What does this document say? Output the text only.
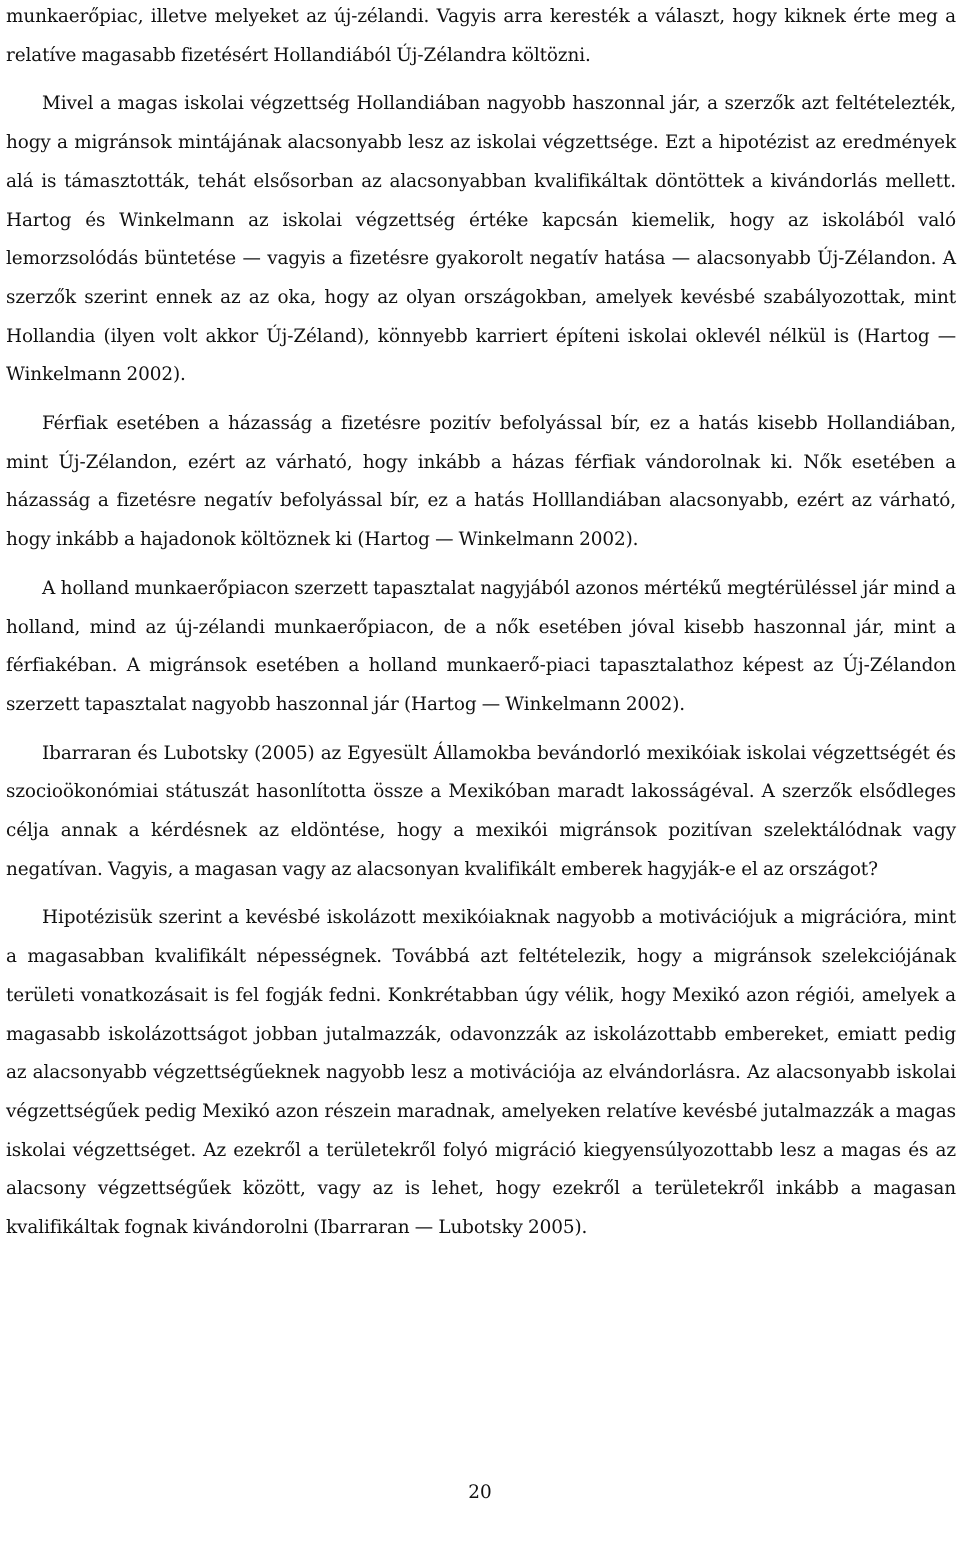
munkaerőpiac, illetve melyeket az új-zélandi. Vagyis arra keresték a választ, hogy kiknek érte meg a relatíve magasabb fizetésért Hollandiából Új-Zélandra költözni.

Mivel a magas iskolai végzettség Hollandiában nagyobb haszonnal jár, a szerzők azt feltételezték, hogy a migránsok mintájának alacsonyabb lesz az iskolai végzettsége. Ezt a hipotézist az eredmények alá is támasztották, tehát elsősorban az alacsonyabban kvalifikáltak döntöttek a kivándorlás mellett. Hartog és Winkelmann az iskolai végzettség értéke kapcsán kiemelik, hogy az iskolából való lemorzsolódás büntetése — vagyis a fizetésre gyakorolt negatív hatása — alacsonyabb Új-Zélandon. A szerzők szerint ennek az az oka, hogy az olyan országokban, amelyek kevésbé szabályozottak, mint Hollandia (ilyen volt akkor Új-Zéland), könnyebb karriert építeni iskolai oklevél nélkül is (Hartog — Winkelmann 2002).

Férfiak esetében a házasság a fizetésre pozitív befolyással bír, ez a hatás kisebb Hollandiában, mint Új-Zélandon, ezért az várható, hogy inkább a házas férfiak vándorolnak ki. Nők esetében a házasság a fizetésre negatív befolyással bír, ez a hatás Holllandiában alacsonyabb, ezért az várható, hogy inkább a hajadonok költöznek ki (Hartog — Winkelmann 2002).

A holland munkaerőpiacon szerzett tapasztalat nagyjából azonos mértékű megtérüléssel jár mind a holland, mind az új-zélandi munkaerőpiacon, de a nők esetében jóval kisebb haszonnal jár, mint a férfiakéban. A migránsok esetében a holland munkaerő-piaci tapasztalathoz képest az Új-Zélandon szerzett tapasztalat nagyobb haszonnal jár (Hartog — Winkelmann 2002).

Ibarraran és Lubotsky (2005) az Egyesült Államokba bevándorló mexikóiak iskolai végzettségét és szocioökonómiai státuszát hasonlította össze a Mexikóban maradt lakosságéval. A szerzők elsődleges célja annak a kérdésnek az eldöntése, hogy a mexikói migránsok pozitívan szelektálódnak vagy negatívan. Vagyis, a magasan vagy az alacsonyan kvalifikált emberek hagyják-e el az országot?

Hipotézisük szerint a kevésbé iskolázott mexikóiaknak nagyobb a motivációjuk a migrációra, mint a magasabban kvalifikált népességnek. Továbbá azt feltételezik, hogy a migránsok szelekciójának területi vonatkozásait is fel fogják fedni. Konkrétabban úgy vélik, hogy Mexikó azon régiói, amelyek a magasabb iskolázottságot jobban jutalmazzák, odavonzzák az iskolázottabb embereket, emiatt pedig az alacsonyabb végzettségűeknek nagyobb lesz a motivációja az elvándorlásra. Az alacsonyabb iskolai végzettségűek pedig Mexikó azon részein maradnak, amelyeken relatíve kevésbé jutalmazzák a magas iskolai végzettséget. Az ezekről a területekről folyó migráció kiegyensúlyozottabb lesz a magas és az alacsony végzettségűek között, vagy az is lehet, hogy ezekről a területekről inkább a magasan kvalifikáltak fognak kivándorolni (Ibarraran — Lubotsky 2005).

20
